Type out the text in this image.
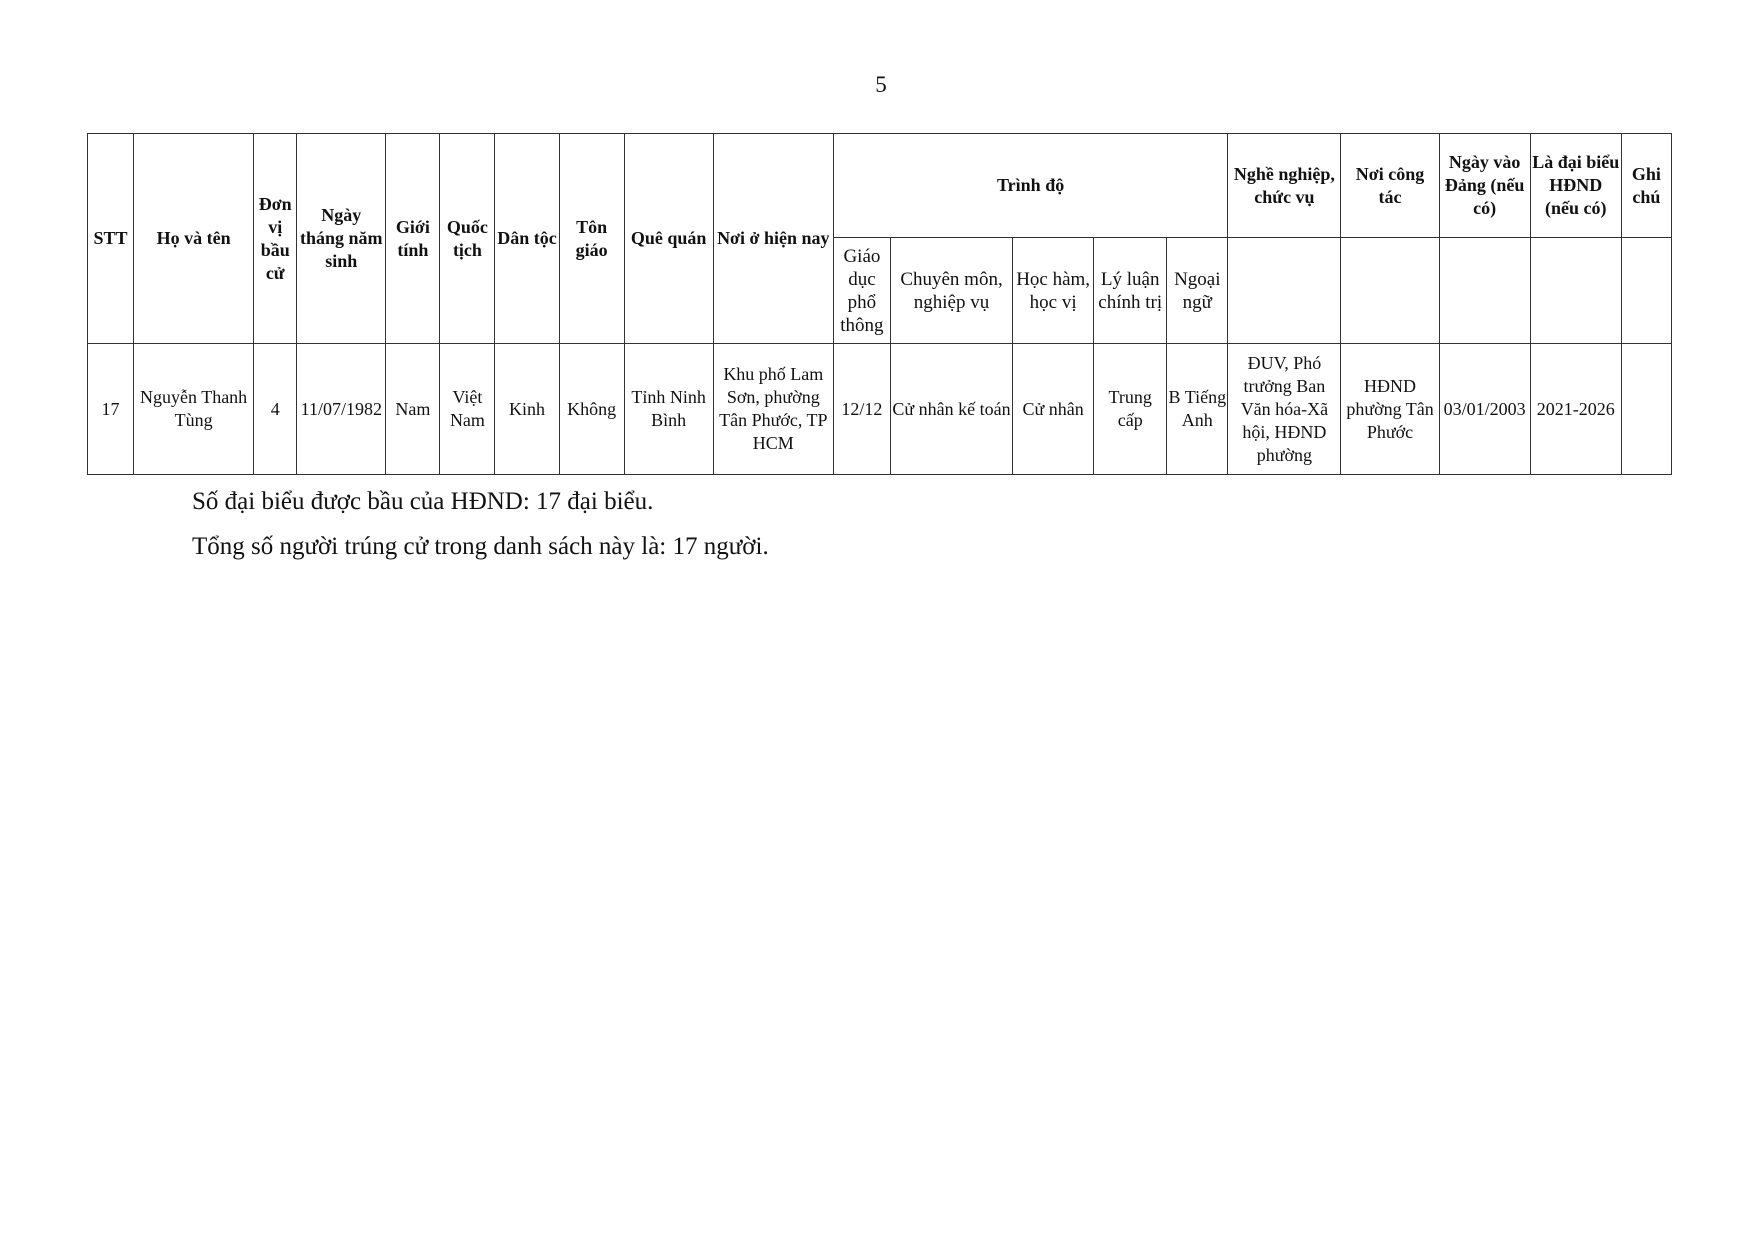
5
STT	Họ và tên	Đơn vị bầu cử	Ngày tháng năm sinh	Giới tính	Quốc tịch	Dân tộc	Tôn giáo	Quê quán	Nơi ở hiện nay	Trình độ					Nghề nghiệp, chức vụ	Nơi công tác	Ngày vào Đảng (nếu có)	Là đại biểu HĐND (nếu có)	Ghi chú
										Giáo dục phổ thông	Chuyên môn, nghiệp vụ	Học hàm, học vị	Lý luận chính trị	Ngoại ngữ					
17	Nguyễn Thanh Tùng	4	11/07/1982	Nam	Việt Nam	Kinh	Không	Tỉnh Ninh Bình	Khu phố Lam Sơn, phường Tân Phước, TP HCM	12/12	Cử nhân kế toán	Cử nhân	Trung cấp	B Tiếng Anh	ĐUV, Phó trưởng Ban Văn hóa-Xã hội, HĐND phường	HĐND phường Tân Phước	03/01/2003	2021-2026	
Số đại biểu được bầu của HĐND: 17 đại biểu.
Tổng số người trúng cử trong danh sách này là: 17 người.
